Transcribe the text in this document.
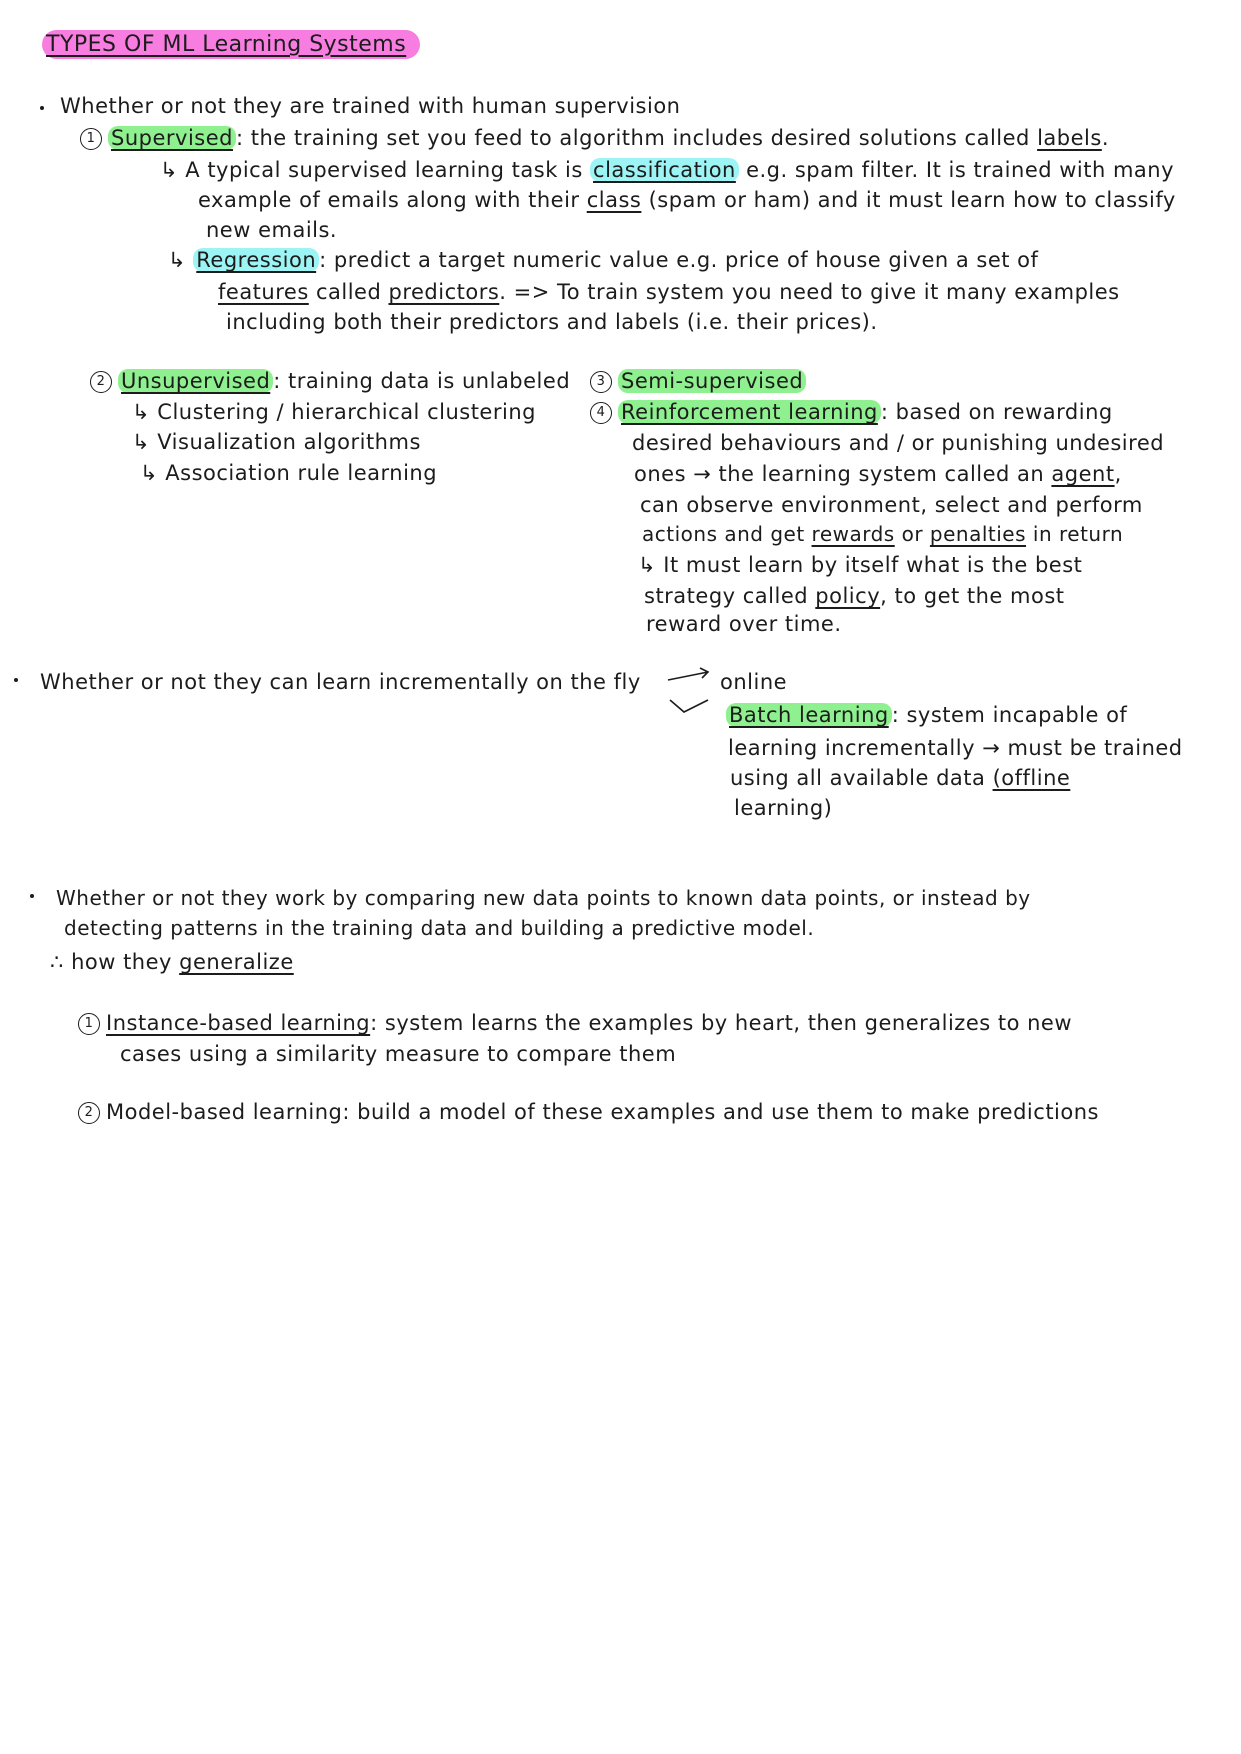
TYPES OF ML Learning Systems
Whether or not they are trained with human supervision
1 Supervised : the training set you feed to algorithm includes desired solutions called labels.
↳ A typical supervised learning task is classification e.g. spam filter. It is trained with many
example of emails along with their class (spam or ham) and it must learn how to classify
new emails.
↳ Regression : predict a target numeric value e.g. price of house given a set of
features called predictors. => To train system you need to give it many examples
including both their predictors and labels (i.e. their prices).
2 Unsupervised : training data is unlabeled
↳ Clustering / hierarchical clustering
↳ Visualization algorithms
↳ Association rule learning
3 Semi-supervised
4 Reinforcement learning : based on rewarding
desired behaviours and / or punishing undesired
ones → the learning system called an agent,
can observe environment, select and perform
actions and get rewards or penalties in return
↳ It must learn by itself what is the best
strategy called policy, to get the most
reward over time.
Whether or not they can learn incrementally on the fly	online
Batch learning : system incapable of
learning incrementally → must be trained
using all available data (offline
learning)
Whether or not they work by comparing new data points to known data points, or instead by
detecting patterns in the training data and building a predictive model.
∴ how they generalize
1 Instance-based learning: system learns the examples by heart, then generalizes to new
cases using a similarity measure to compare them
2 Model-based learning: build a model of these examples and use them to make predictions
